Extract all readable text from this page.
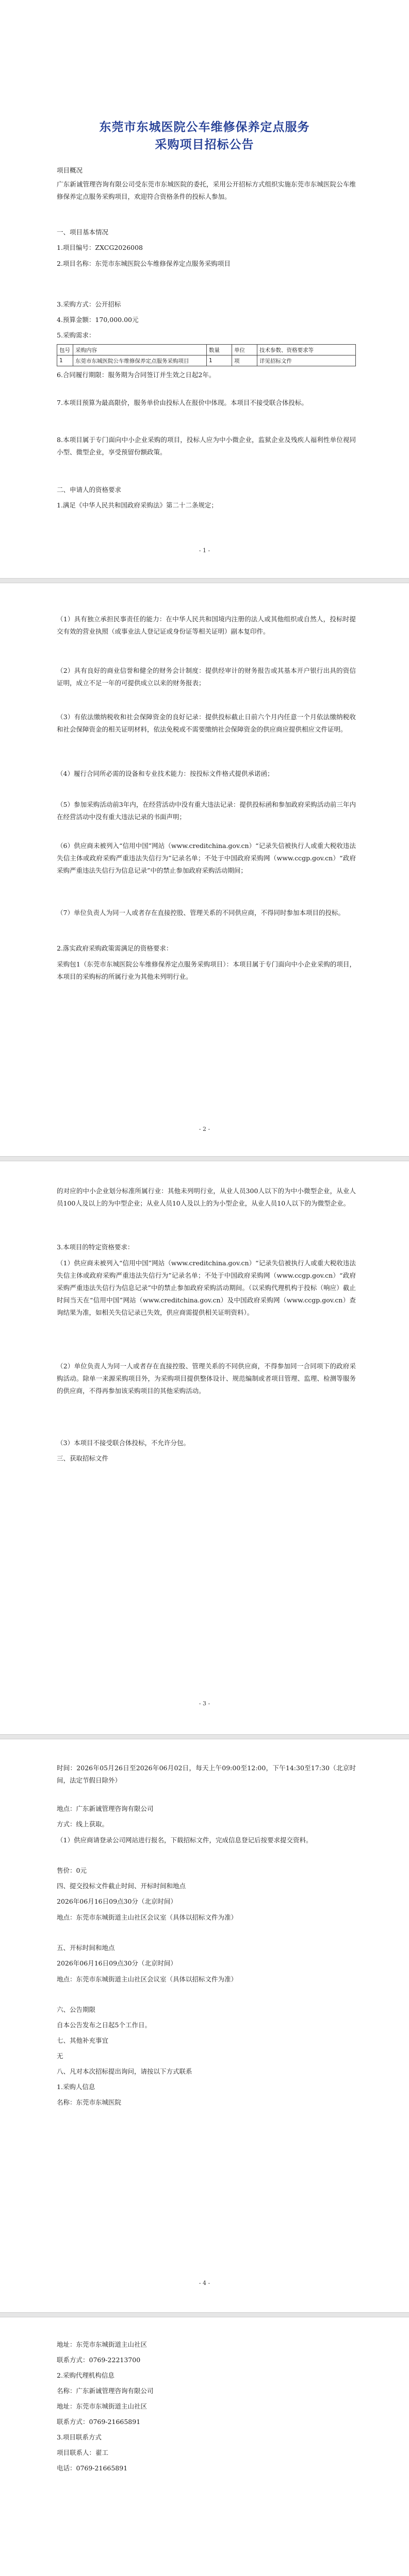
东莞市东城医院公车维修保养定点服务
采购项目招标公告
项目概况
广东新诚管理咨询有限公司受东莞市东城医院的委托，采用公开招标方式组织实施东莞市东城医院公车维修保养定点服务采购项目，欢迎符合资格条件的投标人参加。
一、项目基本情况
1.项目编号：ZXCG2026008
2.项目名称：东莞市东城医院公车维修保养定点服务采购项目
3.采购方式：公开招标
4.预算金额：170,000.00元
5.采购需求：
包号	采购内容	数量	单位	技术参数、资格要求等
1	东莞市东城医院公车维修保养定点服务采购项目	1	项	详见招标文件
6.合同履行期限：服务期为合同签订并生效之日起2年。
7.本项目预算为最高限价，服务单价由投标人在报价中体现。本项目不接受联合体投标。
8.本项目属于专门面向中小企业采购的项目，投标人应为中小微企业，监狱企业及残疾人福利性单位视同小型、微型企业，享受预留份额政策。
二、申请人的资格要求
1.满足《中华人民共和国政府采购法》第二十二条规定；
- 1 -
（1）具有独立承担民事责任的能力：在中华人民共和国境内注册的法人或其他组织或自然人，投标时提交有效的营业执照（或事业法人登记证或身份证等相关证明）副本复印件。
（2）具有良好的商业信誉和健全的财务会计制度：提供经审计的财务报告或其基本开户银行出具的资信证明，成立不足一年的可提供成立以来的财务报表；
（3）有依法缴纳税收和社会保障资金的良好记录：提供投标截止日前六个月内任意一个月依法缴纳税收和社会保障资金的相关证明材料，依法免税或不需要缴纳社会保障资金的供应商应提供相应文件证明。
（4）履行合同所必需的设备和专业技术能力：按投标文件格式提供承诺函；
（5）参加采购活动前3年内，在经营活动中没有重大违法记录：提供投标函和参加政府采购活动前三年内在经营活动中没有重大违法记录的书面声明；
（6）供应商未被列入“信用中国”网站（www.creditchina.gov.cn）“记录失信被执行人或重大税收违法失信主体或政府采购严重违法失信行为”记录名单；不处于中国政府采购网（www.ccgp.gov.cn）“政府采购严重违法失信行为信息记录”中的禁止参加政府采购活动期间；
（7）单位负责人为同一人或者存在直接控股、管理关系的不同供应商，不得同时参加本项目的投标。
2.落实政府采购政策需满足的资格要求：
采购包1（东莞市东城医院公车维修保养定点服务采购项目）：本项目属于专门面向中小企业采购的项目，本项目的采购标的所属行业为其他未列明行业。
- 2 -
的对应的中小企业划分标准所属行业：其他未列明行业，从业人员300人以下的为中小微型企业，从业人员100人及以上的为中型企业；从业人员10人及以上的为小型企业，从业人员10人以下的为微型企业。
3.本项目的特定资格要求：
（1）供应商未被列入“信用中国”网站（www.creditchina.gov.cn）“记录失信被执行人或重大税收违法失信主体或政府采购严重违法失信行为”记录名单；不处于中国政府采购网（www.ccgp.gov.cn）“政府采购严重违法失信行为信息记录”中的禁止参加政府采购活动期间。（以采购代理机构于投标（响应）截止时间当天在“信用中国”网站（www.creditchina.gov.cn）及中国政府采购网（www.ccgp.gov.cn）查询结果为准，如相关失信记录已失效，供应商需提供相关证明资料）。
（2）单位负责人为同一人或者存在直接控股、管理关系的不同供应商，不得参加同一合同项下的政府采购活动。除单一来源采购项目外，为采购项目提供整体设计、规范编制或者项目管理、监理、检测等服务的供应商，不得再参加该采购项目的其他采购活动。
（3）本项目不接受联合体投标，不允许分包。
三、获取招标文件
- 3 -
时间：2026年05月26日至2026年06月02日，每天上午09:00至12:00，下午14:30至17:30（北京时间，法定节假日除外）
地点：广东新诚管理咨询有限公司
方式：线上获取。
（1）供应商请登录公司网站进行报名，下载招标文件，完成信息登记后按要求提交资料。
售价：0元
四、提交投标文件截止时间、开标时间和地点
2026年06月16日09点30分（北京时间）
地点：东莞市东城街道主山社区会议室（具体以招标文件为准）
五、开标时间和地点
2026年06月16日09点30分（北京时间）
地点：东莞市东城街道主山社区会议室（具体以招标文件为准）
六、公告期限
自本公告发布之日起5个工作日。
七、其他补充事宜
无
八、凡对本次招标提出询问，请按以下方式联系
1.采购人信息
名称：东莞市东城医院
- 4 -
地址：东莞市东城街道主山社区
联系方式：0769-22213700
2.采购代理机构信息
名称：广东新诚管理咨询有限公司
地址：东莞市东城街道主山社区
联系方式：0769-21665891
3.项目联系方式
项目联系人：翟工
电话：0769-21665891
